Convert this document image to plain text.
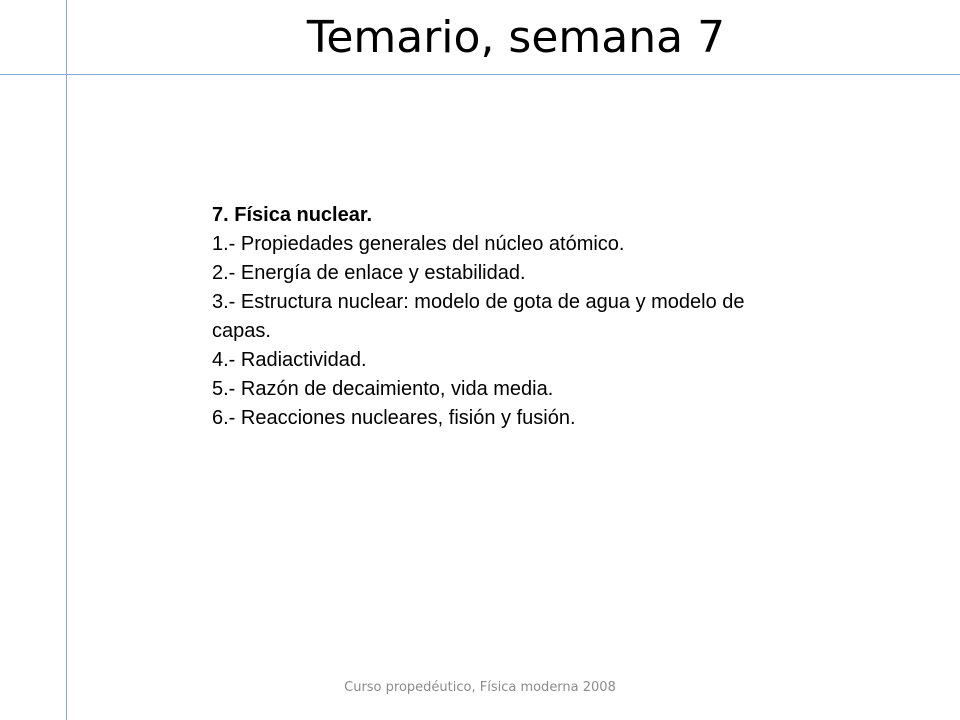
Temario, semana 7
7. Física nuclear.
1.- Propiedades generales del núcleo atómico.
2.- Energía de enlace y estabilidad.
3.- Estructura nuclear: modelo de gota de agua y modelo de capas.
4.- Radiactividad.
5.- Razón de decaimiento, vida media.
6.- Reacciones nucleares, fisión y fusión.
Curso propedéutico, Física moderna 2008
